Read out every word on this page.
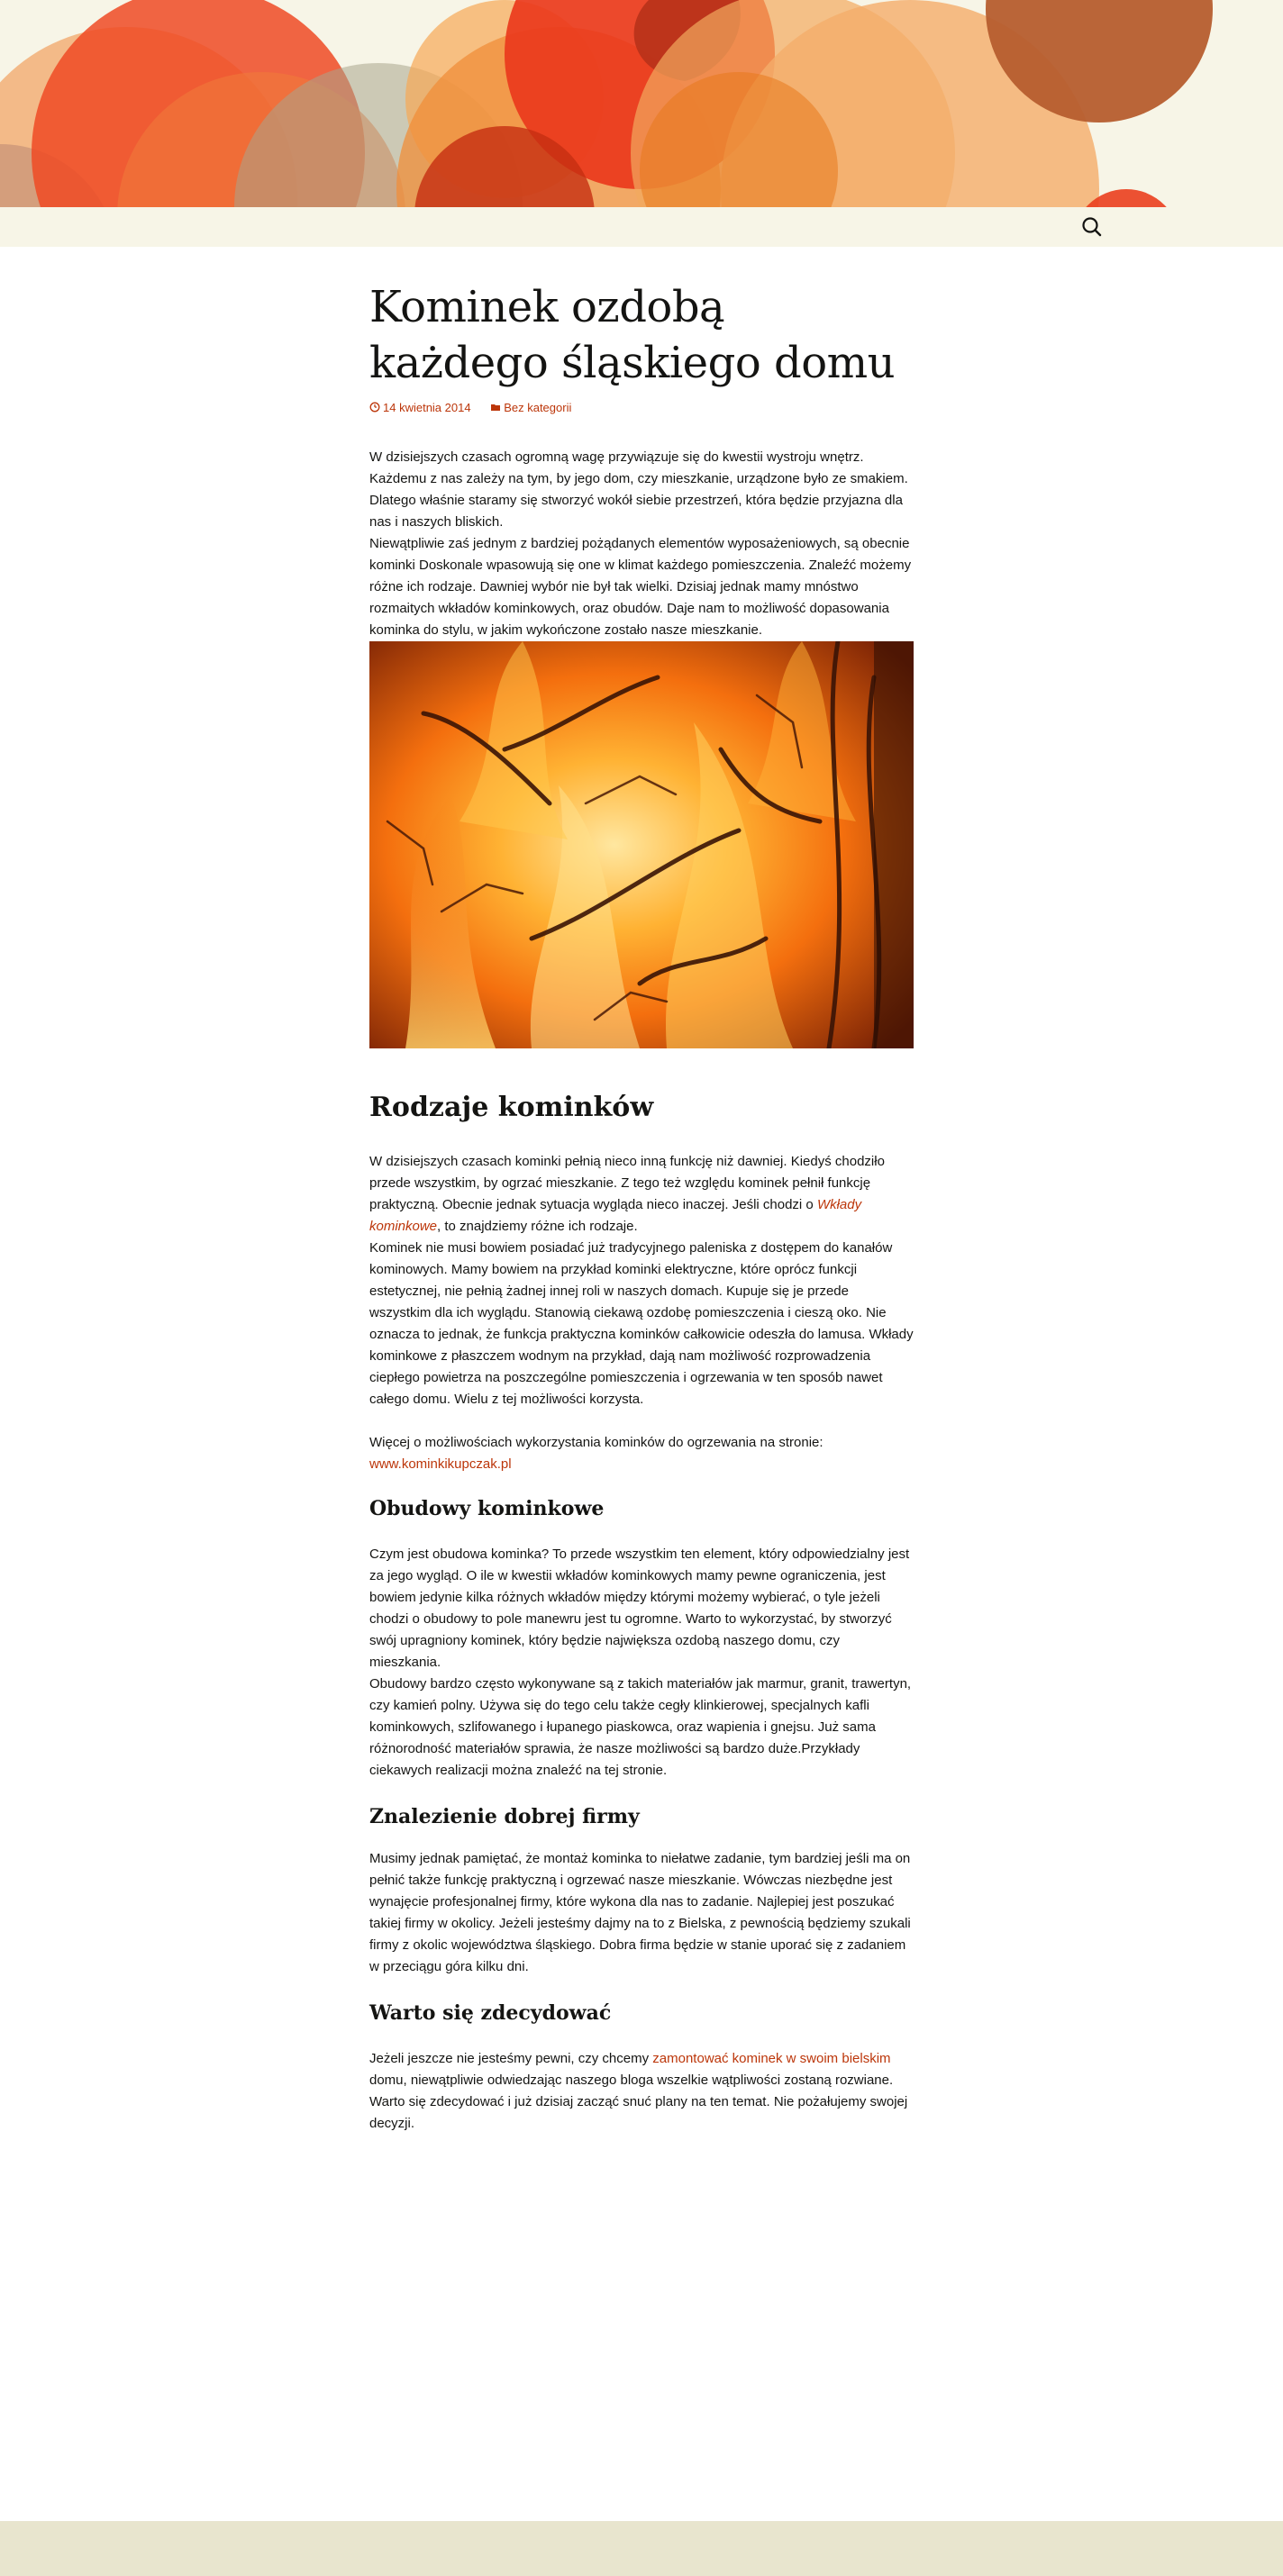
Kominek ozdobą każdego śląskiego domu
14 kwietnia 2014	Bez kategorii

W dzisiejszych czasach ogromną wagę przywiązuje się do kwestii wystroju wnętrz. Każdemu z nas zależy na tym, by jego dom, czy mieszkanie, urządzone było ze smakiem. Dlatego właśnie staramy się stworzyć wokół siebie przestrzeń, która będzie przyjazna dla nas i naszych bliskich.

Niewątpliwie zaś jednym z bardziej pożądanych elementów wyposażeniowych, są obecnie kominki Doskonale wpasowują się one w klimat każdego pomieszczenia. Znaleźć możemy różne ich rodzaje. Dawniej wybór nie był tak wielki. Dzisiaj jednak mamy mnóstwo rozmaitych wkładów kominkowych, oraz obudów. Daje nam to możliwość dopasowania kominka do stylu, w jakim wykończone zostało nasze mieszkanie.

Rodzaje kominków

W dzisiejszych czasach kominki pełnią nieco inną funkcję niż dawniej. Kiedyś chodziło przede wszystkim, by ogrzać mieszkanie. Z tego też względu kominek pełnił funkcję praktyczną. Obecnie jednak sytuacja wygląda nieco inaczej. Jeśli chodzi o Wkłady kominkowe, to znajdziemy różne ich rodzaje.

Kominek nie musi bowiem posiadać już tradycyjnego paleniska z dostępem do kanałów kominowych. Mamy bowiem na przykład kominki elektryczne, które oprócz funkcji estetycznej, nie pełnią żadnej innej roli w naszych domach. Kupuje się je przede wszystkim dla ich wyglądu. Stanowią ciekawą ozdobę pomieszczenia i cieszą oko. Nie oznacza to jednak, że funkcja praktyczna kominków całkowicie odeszła do lamusa. Wkłady kominkowe z płaszczem wodnym na przykład, dają nam możliwość rozprowadzenia ciepłego powietrza na poszczególne pomieszczenia i ogrzewania w ten sposób nawet całego domu. Wielu z tej możliwości korzysta.

Więcej o możliwościach wykorzystania kominków do ogrzewania na stronie: www.kominkikupczak.pl

Obudowy kominkowe

Czym jest obudowa kominka? To przede wszystkim ten element, który odpowiedzialny jest za jego wygląd. O ile w kwestii wkładów kominkowych mamy pewne ograniczenia, jest bowiem jedynie kilka różnych wkładów między którymi możemy wybierać, o tyle jeżeli chodzi o obudowy to pole manewru jest tu ogromne. Warto to wykorzystać, by stworzyć swój upragniony kominek, który będzie największa ozdobą naszego domu, czy mieszkania.

Obudowy bardzo często wykonywane są z takich materiałów jak marmur, granit, trawertyn, czy kamień polny. Używa się do tego celu także cegły klinkierowej, specjalnych kafli kominkowych, szlifowanego i łupanego piaskowca, oraz wapienia i gnejsu. Już sama różnorodność materiałów sprawia, że nasze możliwości są bardzo duże.Przykłady ciekawych realizacji można znaleźć na tej stronie.

Znalezienie dobrej firmy

Musimy jednak pamiętać, że montaż kominka to niełatwe zadanie, tym bardziej jeśli ma on pełnić także funkcję praktyczną i ogrzewać nasze mieszkanie. Wówczas niezbędne jest wynajęcie profesjonalnej firmy, które wykona dla nas to zadanie. Najlepiej jest poszukać takiej firmy w okolicy. Jeżeli jesteśmy dajmy na to z Bielska, z pewnością będziemy szukali firmy z okolic województwa śląskiego. Dobra firma będzie w stanie uporać się z zadaniem w przeciągu góra kilku dni.

Warto się zdecydować

Jeżeli jeszcze nie jesteśmy pewni, czy chcemy zamontować kominek w swoim bielskim domu, niewątpliwie odwiedzając naszego bloga wszelkie wątpliwości zostaną rozwiane. Warto się zdecydować i już dzisiaj zacząć snuć plany na ten temat. Nie pożałujemy swojej decyzji.
